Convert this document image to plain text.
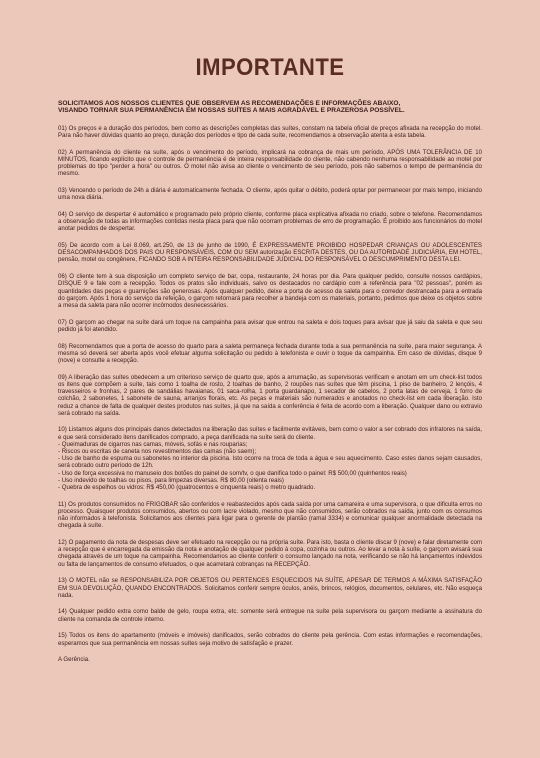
IMPORTANTE
SOLICITAMOS AOS NOSSOS CLIENTES QUE OBSERVEM AS RECOMENDAÇÕES E INFORMAÇÕES ABAIXO,
VISANDO TORNAR SUA PERMANÊNCIA EM NOSSAS SUÍTES A MAIS AGRADÁVEL E PRAZEROSA POSSÍVEL.

01) Os preços e a duração dos períodos, bem como as descrições completas das suítes, constam na tabela oficial de preços afixada na recepção do motel. Para não haver dúvidas quanto ao preço, duração dos períodos e tipo de cada suíte, recomendamos a observação atenta a esta tabela.

02) A permanência do cliente na suíte, após o vencimento do período, implicará na cobrança de mais um período, APÓS UMA TOLERÂNCIA DE 10 MINUTOS, ficando explícito que o controle de permanência é de inteira responsabilidade do cliente, não cabendo nenhuma responsabilidade ao motel por problemas do tipo "perder a hora" ou outros. O motel não avisa ao cliente o vencimento de seu período, pois não sabemos o tempo de permanência do mesmo.

03) Vencendo o período de 24h a diária é automaticamente fechada. O cliente, após quitar o débito, poderá optar por permanecer por mais tempo, iniciando uma nova diária.

04) O serviço de despertar é automático e programado pelo próprio cliente, conforme placa explicativa afixada no criado, sobre o telefone. Recomendamos a observação de todas as informações contidas nesta placa para que não ocorram problemas de erro de programação. É proibido aos funcionários do motel anotar pedidos de despertar.

05) De acordo com a Lei 8.069, art.250, de 13 de junho de 1990, É EXPRESSAMENTE PROIBIDO HOSPEDAR CRIANÇAS OU ADOLESCENTES DESACOMPANHADOS DOS PAIS OU RESPONSÁVEIS, COM OU SEM autorização ESCRITA DESTES, OU DA AUTORIDADE JUDICIÁRIA, EM HOTEL, pensão, motel ou congênere, FICANDO SOB A INTEIRA RESPONSABILIDADE JUDICIAL DO RESPONSÁVEL O DESCUMPRIMENTO DESTA LEI.

06) O cliente tem à sua disposição um completo serviço de bar, copa, restaurante, 24 horas por dia. Para qualquer pedido, consulte nossos cardápios, DISQUE 9 e fale com a recepção. Todos os pratos são individuais, salvo os destacados no cardápio com a referência para "02 pessoas", porém as quantidades das peças e guarnições são generosas. Após qualquer pedido, deixe a porta de acesso da saleta para o corredor destrancada para a entrada do garçom. Após 1 hora do serviço da refeição, o garçom retornará para recolher a bandeja com os materiais, portanto, pedimos que deixe os objetos sobre a mesa da saleta para não ocorrer incômodos desnecessários.

07) O garçom ao chegar na suíte dará um toque na campainha para avisar que entrou na saleta e dois toques para avisar que já saiu da saleta e que seu pedido já foi atendido.

08) Recomendamos que a porta de acesso do quarto para a saleta permaneça fechada durante toda a sua permanência na suíte, para maior segurança. A mesma só deverá ser aberta após você efetuar alguma solicitação ou pedido à telefonista e ouvir o toque da campainha. Em caso de dúvidas, disque 9 (nove) e consulte a recepção.

09) A liberação das suítes obedecem a um criterioso serviço de quarto que, após a arrumação, as supervisoras verificam e anotam em um check-list todos os itens que compõem a suíte, tais como 1 toalha de rosto, 2 toalhas de banho, 2 roupões nas suítes que têm piscina, 1 piso de banheiro, 2 lençóis, 4 travesseiros e fronhas, 2 pares de sandálias havaianas, 01 saca-rolha, 1 porta guardanapo, 1 secador de cabelos, 2 porta latas de cerveja, 1 forro de colchão, 2 sabonetes, 1 sabonete de sauna, arranjos florais, etc. As peças e materiais são numerados e anotados no check-list em cada liberação. Isto reduz a chance de falta de qualquer destes produtos nas suítes, já que na saída a conferência é feita de acordo com a liberação. Qualquer dano ou extravio será cobrado na saída.

10) Listamos alguns dos principais danos detectados na liberação das suítes e facilmente evitáveis, bem como o valor a ser cobrado dos infratores na saída, e que será considerado itens danificados comprado, a peça danificada na suíte será do cliente.
- Queimaduras de cigarros nas camas, móveis, sofás e nas rouparias;
- Riscos ou escritas de caneta nos revestimentos das camas (não saem);
- Uso de banho de espuma ou sabonetes no interior da piscina. Isto ocorre na troca de toda a água e seu aquecimento. Caso estes danos sejam causados, será cobrado outro período de 12h.
- Uso de força excessiva no manuseio dos botões do painel de som/tv, o que danifica todo o painel: R$ 500,00 (quinhentos reais)
- Uso indevido de toalhas ou pisos, para limpezas diversas. R$ 80,00 (oitenta reais)
- Quebra de espelhos ou vidros: R$ 450,00 (quatrocentos e cinquenta reais) o metro quadrado.

11) Os produtos consumidos no FRIGOBAR são conferidos e reabastecidos após cada saída por uma camareira e uma supervisora, o que dificulta erros no processo. Quaisquer produtos consumidos, abertos ou com lacre violado, mesmo que não consumidos, serão cobrados na saída, junto com os consumos não informados à telefonista. Solicitamos aos clientes para ligar para o gerente de plantão (ramal 3334) e comunicar qualquer anormalidade detectada na chegada à suíte.

12) O pagamento da nota de despesas deve ser efetuado na recepção ou na própria suíte. Para isto, basta o cliente discar 9 (nove) e falar diretamente com a recepção que é encarregada da emissão da nota e anotação de qualquer pedido à copa, cozinha ou outros. Ao levar a nota à suíte, o garçom avisará sua chegada através de um toque na campainha. Recomendamos ao cliente conferir o consumo lançado na nota, verificando se não há lançamentos indevidos ou falta de lançamentos de consumo efetuados, o que acarretará cobranças na RECEPÇÃO.

13) O MOTEL não se RESPONSABILIZA POR OBJETOS OU PERTENCES ESQUECIDOS NA SUÍTE, APESAR DE TERMOS A MÁXIMA SATISFAÇÃO EM SUA DEVOLUÇÃO, QUANDO ENCONTRADOS. Solicitamos conferir sempre óculos, anéis, brincos, relógios, documentos, celulares, etc. Não esqueça nada.

14) Qualquer pedido extra como balde de gelo, roupa extra, etc. somente será entregue na suíte pela supervisora ou garçom mediante a assinatura do cliente na comanda de controle interno.

15) Todos os itens do apartamento (móveis e imóveis) danificados, serão cobrados do cliente pela gerência. Com estas informações e recomendações, esperamos que sua permanência em nossas suítes seja motivo de satisfação e prazer.

A Gerência.
